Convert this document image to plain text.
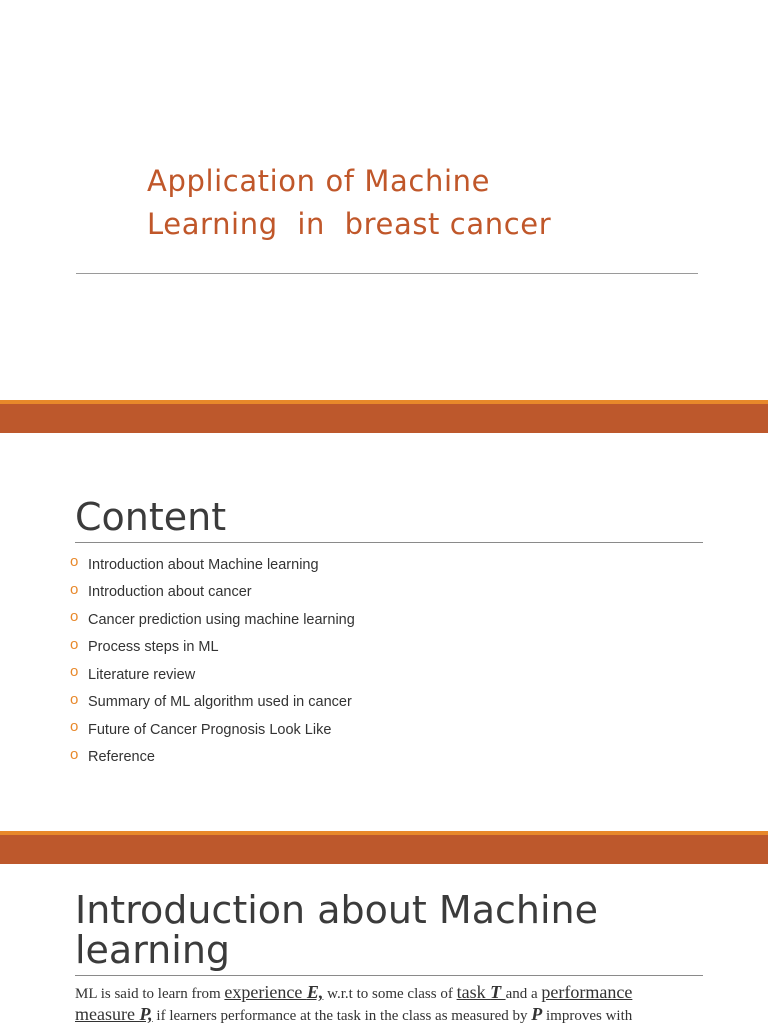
Application of Machine
Learning  in  breast cancer
Content
o Introduction about Machine learning
o Introduction about cancer
o Cancer prediction using machine learning
o Process steps in ML
o Literature review
o Summary of ML algorithm used in cancer
o Future of Cancer Prognosis Look Like
o Reference
Introduction about Machine
learning

ML is said to learn from experience E, w.r.t to some class of task T and a performance measure P, if learners performance at the task in the class as measured by P improves with
